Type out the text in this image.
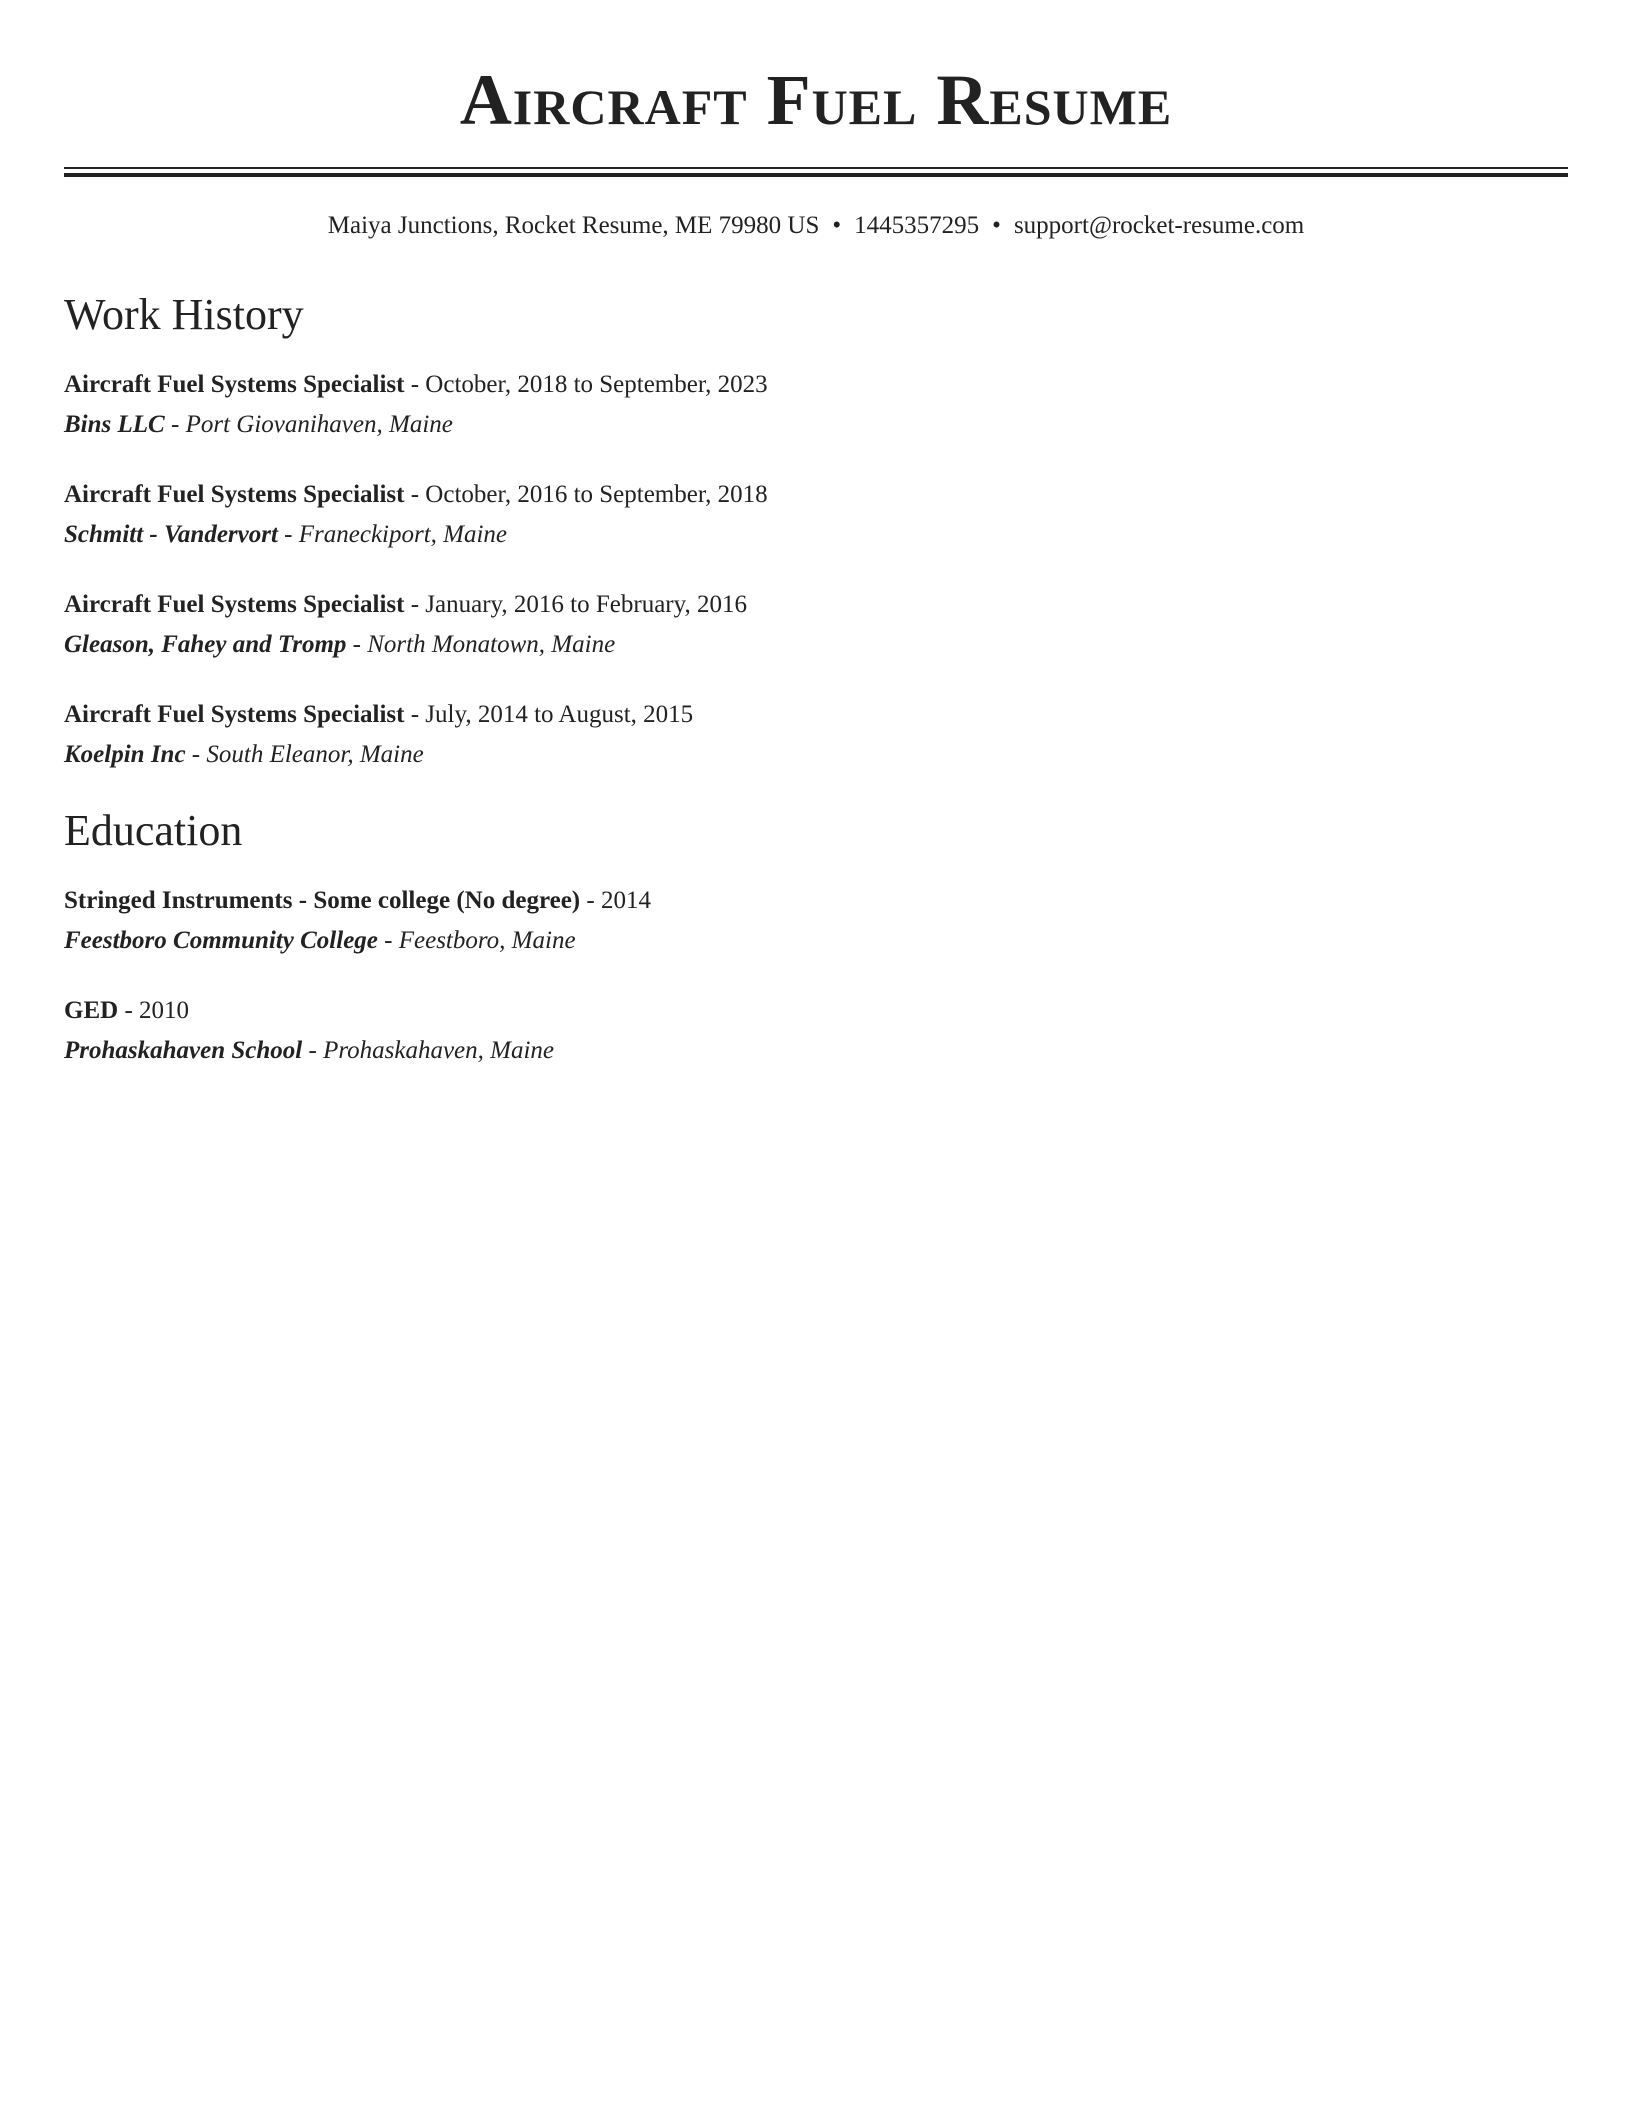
Aircraft Fuel Resume
Maiya Junctions, Rocket Resume, ME 79980 US • 1445357295 • support@rocket-resume.com
Work History
Aircraft Fuel Systems Specialist - October, 2018 to September, 2023
Bins LLC - Port Giovanihaven, Maine
Aircraft Fuel Systems Specialist - October, 2016 to September, 2018
Schmitt - Vandervort - Franeckiport, Maine
Aircraft Fuel Systems Specialist - January, 2016 to February, 2016
Gleason, Fahey and Tromp - North Monatown, Maine
Aircraft Fuel Systems Specialist - July, 2014 to August, 2015
Koelpin Inc - South Eleanor, Maine
Education
Stringed Instruments - Some college (No degree) - 2014
Feestboro Community College - Feestboro, Maine
GED - 2010
Prohaskahaven School - Prohaskahaven, Maine
